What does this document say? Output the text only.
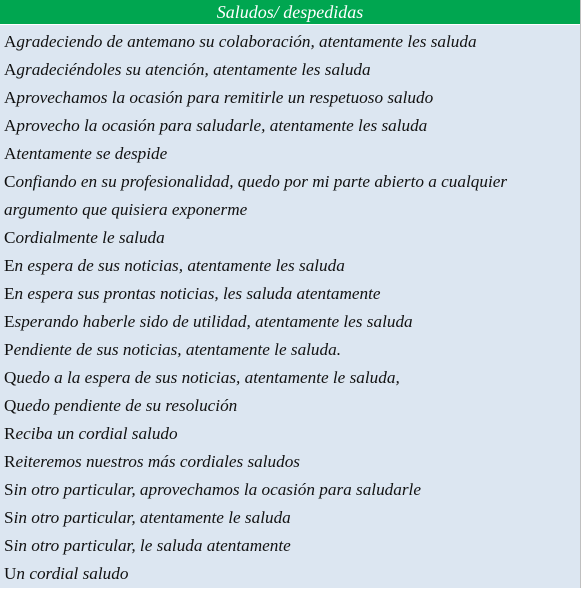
Saludos/ despedidas
Agradeciendo de antemano su colaboración, atentamente les saluda
Agradeciéndoles su atención, atentamente les saluda
Aprovechamos la ocasión para remitirle un respetuoso saludo
Aprovecho la ocasión para saludarle, atentamente les saluda
Atentamente se despide
Confiando en su profesionalidad, quedo por mi parte abierto a cualquier argumento que quisiera exponerme
Cordialmente le saluda
En espera de sus noticias, atentamente les saluda
En espera sus prontas noticias, les saluda atentamente
Esperando haberle sido de utilidad, atentamente les saluda
Pendiente de sus noticias, atentamente le saluda.
Quedo a la espera de sus noticias, atentamente le saluda,
Quedo pendiente de su resolución
Reciba un cordial saludo
Reiteremos nuestros más cordiales saludos
Sin otro particular, aprovechamos la ocasión para saludarle
Sin otro particular, atentamente le saluda
Sin otro particular, le saluda atentamente
Un cordial saludo
